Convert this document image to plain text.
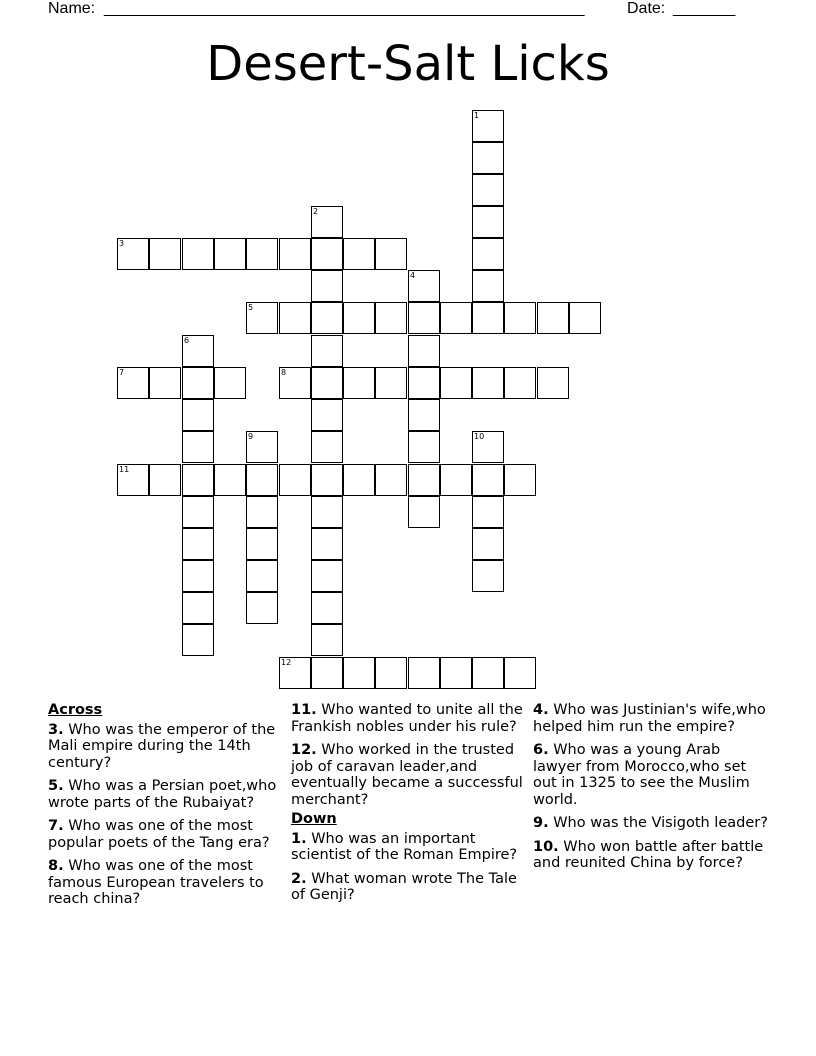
Name: ______________________________________________________	Date: _______
Desert-Salt Licks
1
2
3
4
5
6
7	8
9	10
11
12
Across
3. Who was the emperor of the Mali empire during the 14th century?
5. Who was a Persian poet,who wrote parts of the Rubaiyat?
7. Who was one of the most popular poets of the Tang era?
8. Who was one of the most famous European travelers to reach china?
11. Who wanted to unite all the Frankish nobles under his rule?
12. Who worked in the trusted job of caravan leader,and eventually became a successful merchant?
Down
1. Who was an important scientist of the Roman Empire?
2. What woman wrote The Tale of Genji?
4. Who was Justinian's wife,who helped him run the empire?
6. Who was a young Arab lawyer from Morocco,who set out in 1325 to see the Muslim world.
9. Who was the Visigoth leader?
10. Who won battle after battle and reunited China by force?
